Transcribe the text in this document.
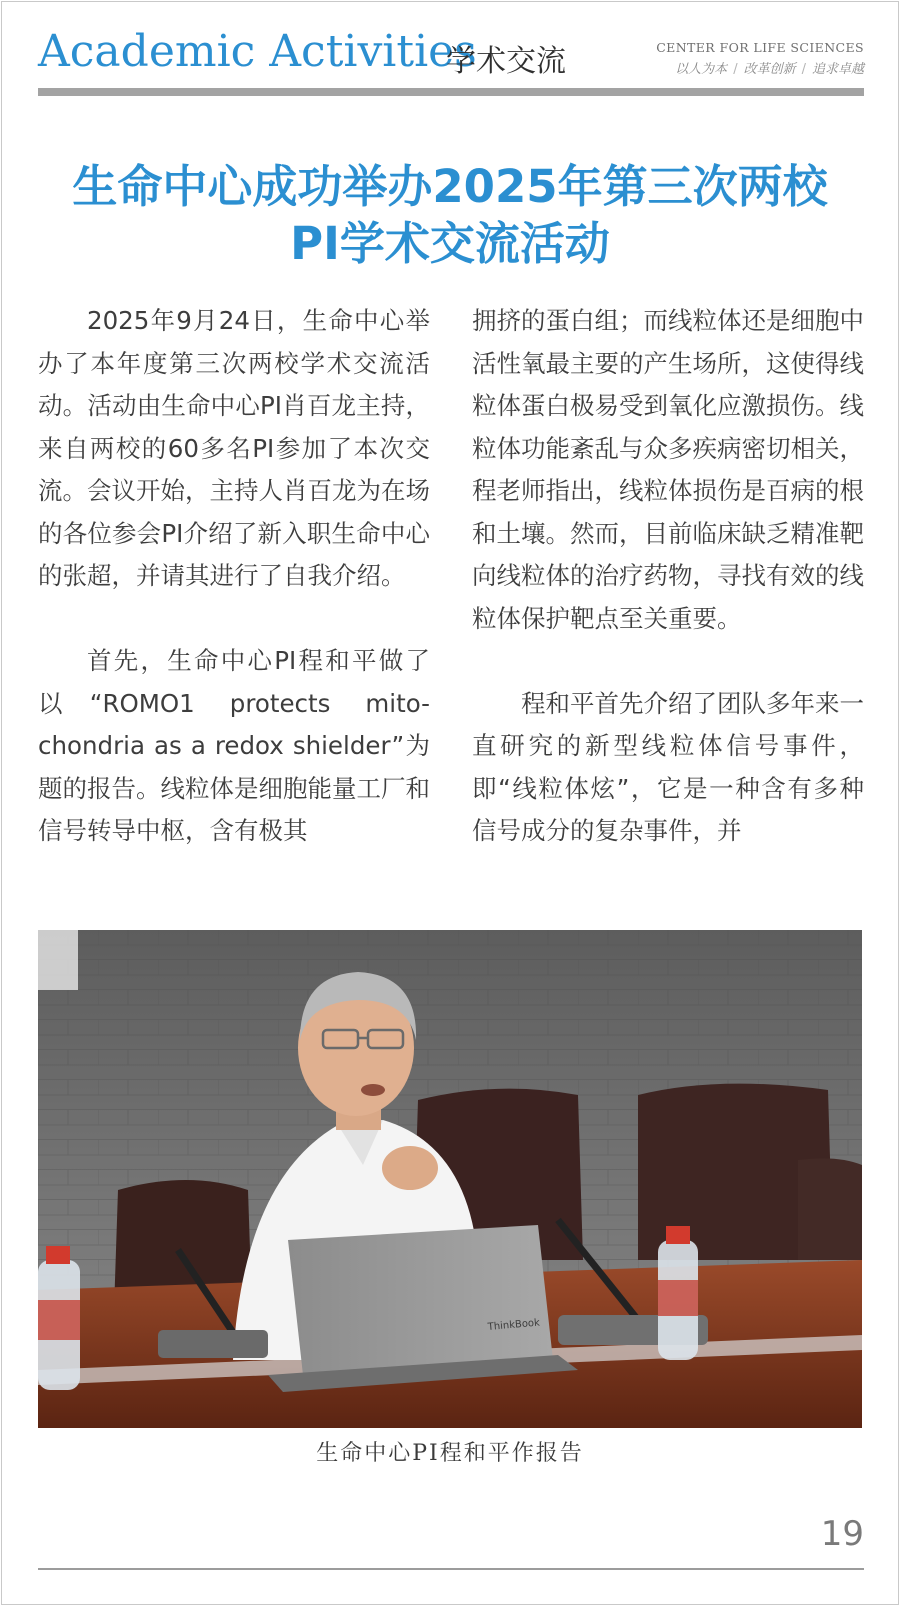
Academic Activities
学术交流	CENTER FOR LIFE SCIENCES
以人为本 / 改革创新 / 追求卓越
生命中心成功举办2025年第三次两校
PI学术交流活动

2025年9月24日，生命中心举办了本年度第三次两校学术交流活动。活动由生命中心PI肖百龙主持，来自两校的60多名PI参加了本次交流。会议开始，主持人肖百龙为在场的各位参会PI介绍了新入职生命中心的张超，并请其进行了自我介绍。

首先，生命中心PI程和平做了以“ROMO1 protects mito-chondria as a redox shielder”为题的报告。线粒体是细胞能量工厂和信号转导中枢，含有极其

拥挤的蛋白组；而线粒体还是细胞中活性氧最主要的产生场所，这使得线粒体蛋白极易受到氧化应激损伤。线粒体功能紊乱与众多疾病密切相关，程老师指出，线粒体损伤是百病的根和土壤。然而，目前临床缺乏精准靶向线粒体的治疗药物，寻找有效的线粒体保护靶点至关重要。

程和平首先介绍了团队多年来一直研究的新型线粒体信号事件，即“线粒体炫”，它是一种含有多种信号成分的复杂事件，并

ThinkBook
生命中心PI程和平作报告
19
